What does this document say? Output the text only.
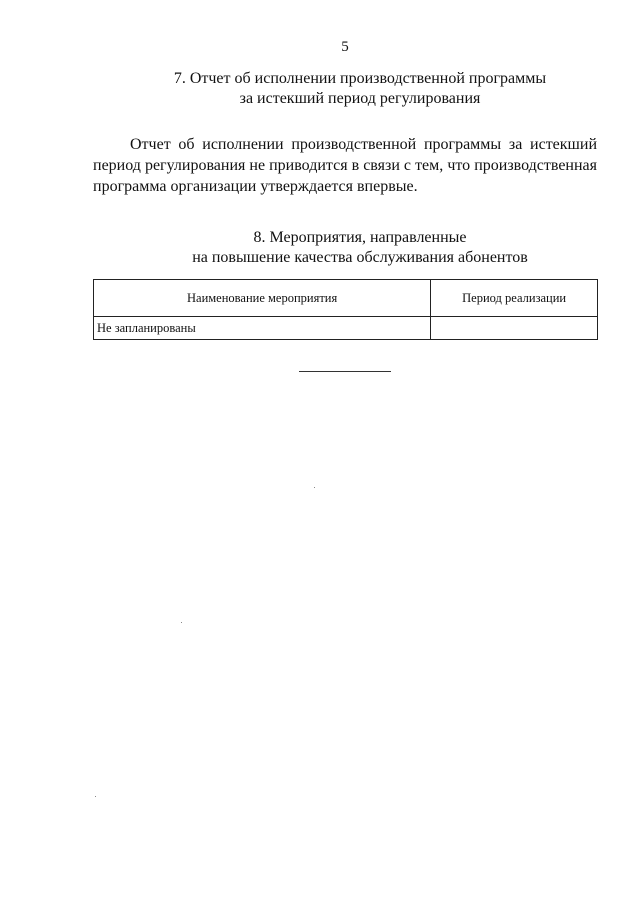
5
7. Отчет об исполнении производственной программы
за истекший период регулирования

Отчет об исполнении производственной программы за истекший период регулирования не приводится в связи с тем, что производственная программа организации утверждается впервые.

8. Мероприятия, направленные
на повышение качества обслуживания абонентов
Наименование мероприятия	Период реализации
Не запланированы	
